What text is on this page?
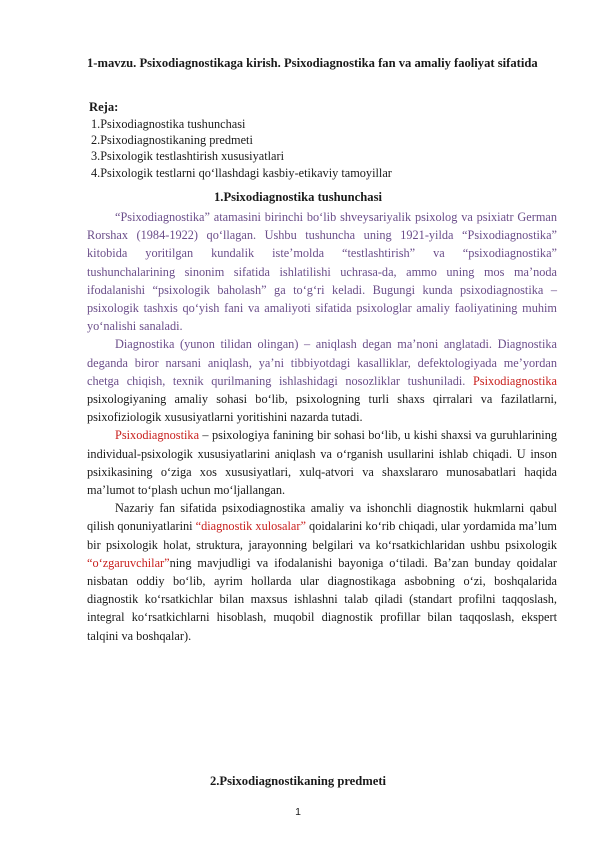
1-mavzu. Psixodiagnostikaga kirish. Psixodiagnostika fan va amaliy faoliyat sifatida
Reja:
1.Psixodiagnostika tushunchasi
2.Psixodiagnostikaning predmeti
3.Psixologik testlashtirish xususiyatlari
4.Psixologik testlarni qo‘llashdagi kasbiy-etikaviy tamoyillar
1.Psixodiagnostika tushunchasi

“Psixodiagnostika” atamasini birinchi bo‘lib shveysariyalik psixolog va psixiatr German Rorshax (1984-1922) qo‘llagan. Ushbu tushuncha uning 1921-yilda “Psixodiagnostika” kitobida yoritilgan kundalik iste’molda “testlashtirish” va “psixodiagnostika” tushunchalarining sinonim sifatida ishlatilishi uchrasa-da, ammo uning mos ma’noda ifodalanishi “psixologik baholash” ga to‘g‘ri keladi. Bugungi kunda psixodiagnostika – psixologik tashxis qo‘yish fani va amaliyoti sifatida psixologlar amaliy faoliyatining muhim yo‘nalishi sanaladi.

Diagnostika (yunon tilidan olingan) – aniqlash degan ma’noni anglatadi. Diagnostika deganda biror narsani aniqlash, ya’ni tibbiyotdagi kasalliklar, defektologiyada me’yordan chetga chiqish, texnik qurilmaning ishlashidagi nosozliklar tushuniladi. Psixodiagnostika psixologiyaning amaliy sohasi bo‘lib, psixologning turli shaxs qirralari va fazilatlarni, psixofiziologik xususiyatlarni yoritishini nazarda tutadi.

Psixodiagnostika – psixologiya fanining bir sohasi bo‘lib, u kishi shaxsi va guruhlarining individual-psixologik xususiyatlarini aniqlash va o‘rganish usullarini ishlab chiqadi. U inson psixikasining o‘ziga xos xususiyatlari, xulq-atvori va shaxslararo munosabatlari haqida ma’lumot to‘plash uchun mo‘ljallangan.

Nazariy fan sifatida psixodiagnostika amaliy va ishonchli diagnostik hukmlarni qabul qilish qonuniyatlarini “diagnostik xulosalar” qoidalarini ko‘rib chiqadi, ular yordamida ma’lum bir psixologik holat, struktura, jarayonning belgilari va ko‘rsatkichlaridan ushbu psixologik “o‘zgaruvchilar”ning mavjudligi va ifodalanishi bayoniga o‘tiladi. Ba’zan bunday qoidalar nisbatan oddiy bo‘lib, ayrim hollarda ular diagnostikaga asbobning o‘zi, boshqalarida diagnostik ko‘rsatkichlar bilan maxsus ishlashni talab qiladi (standart profilni taqqoslash, integral ko‘rsatkichlarni hisoblash, muqobil diagnostik profillar bilan taqqoslash, ekspert talqini va boshqalar).

2.Psixodiagnostikaning predmeti
1
